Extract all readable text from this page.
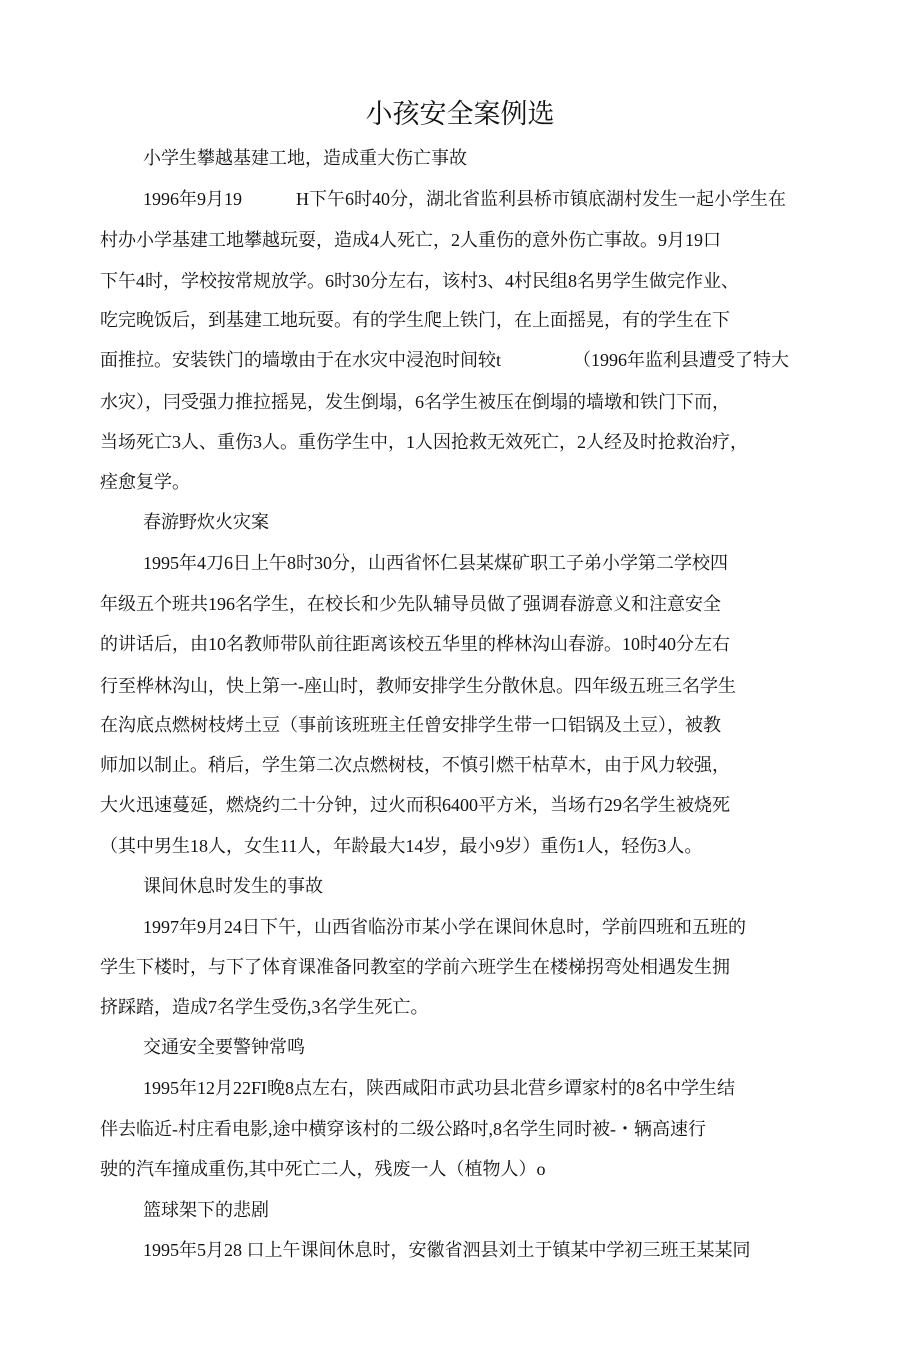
小孩安全案例选
小学生攀越基建工地，造成重大伤亡事故
1996年9月19            H下午6时40分，湖北省监利县桥市镇底湖村发生一起小学生在
村办小学基建工地攀越玩耍，造成4人死亡，2人重伤的意外伤亡事故。9月19口
下午4时，学校按常规放学。6时30分左右，该村3、4村民组8名男学生做完作业、
吃完晚饭后，到基建工地玩耍。有的学生爬上铁门，在上面摇晃，有的学生在下
面推拉。安装铁门的墙墩由于在水灾中浸泡时间较t                （1996年监利县遭受了特大
水灾），冃受强力推拉摇晃，发生倒塌，6名学生被压在倒塌的墙墩和铁门下而，
当场死亡3人、重伤3人。重伤学生中，1人因抢救无效死亡，2人经及时抢救治疗，
痊愈复学。
春游野炊火灾案
1995年4刀6日上午8时30分，山西省怀仁县某煤矿职工子弟小学第二学校四
年级五个班共196名学生，在校长和少先队辅导员做了强调春游意义和注意安全
的讲话后，由10名教师带队前往距离该校五华里的桦林沟山春游。10时40分左右
行至桦林沟山，快上第一-座山时，教师安排学生分散休息。四年级五班三名学生
在沟底点燃树枝烤土豆（事前该班班主任曾安排学生带一口铝锅及土豆），被教
师加以制止。稍后，学生第二次点燃树枝，不慎引燃干枯草木，由于风力较强，
大火迅速蔓延，燃烧约二十分钟，过火而积6400平方米，当场冇29名学生被烧死
（其中男生18人，女生11人，年龄最大14岁，最小9岁）重伤1人，轻伤3人。
课间休息时发生的事故
1997年9月24日下午，山西省临汾市某小学在课间休息时，学前四班和五班的
学生下楼时，与下了体育课准备冋教室的学前六班学生在楼梯拐弯处相遇发生拥
挤踩踏，造成7名学生受伤,3名学生死亡。
交通安全要警钟常鸣
1995年12月22FI晚8点左右，陕西咸阳市武功县北营乡谭家村的8名中学生结
伴去临近-村庄看电影,途中横穿该村的二级公路吋,8名学生同时被-・辆高速行
驶的汽车撞成重伤,其中死亡二人，残废一人（植物人）o
篮球架下的悲剧
1995年5月28 口上午课间休息时，安徽省泗县刘土于镇某中学初三班王某某同
